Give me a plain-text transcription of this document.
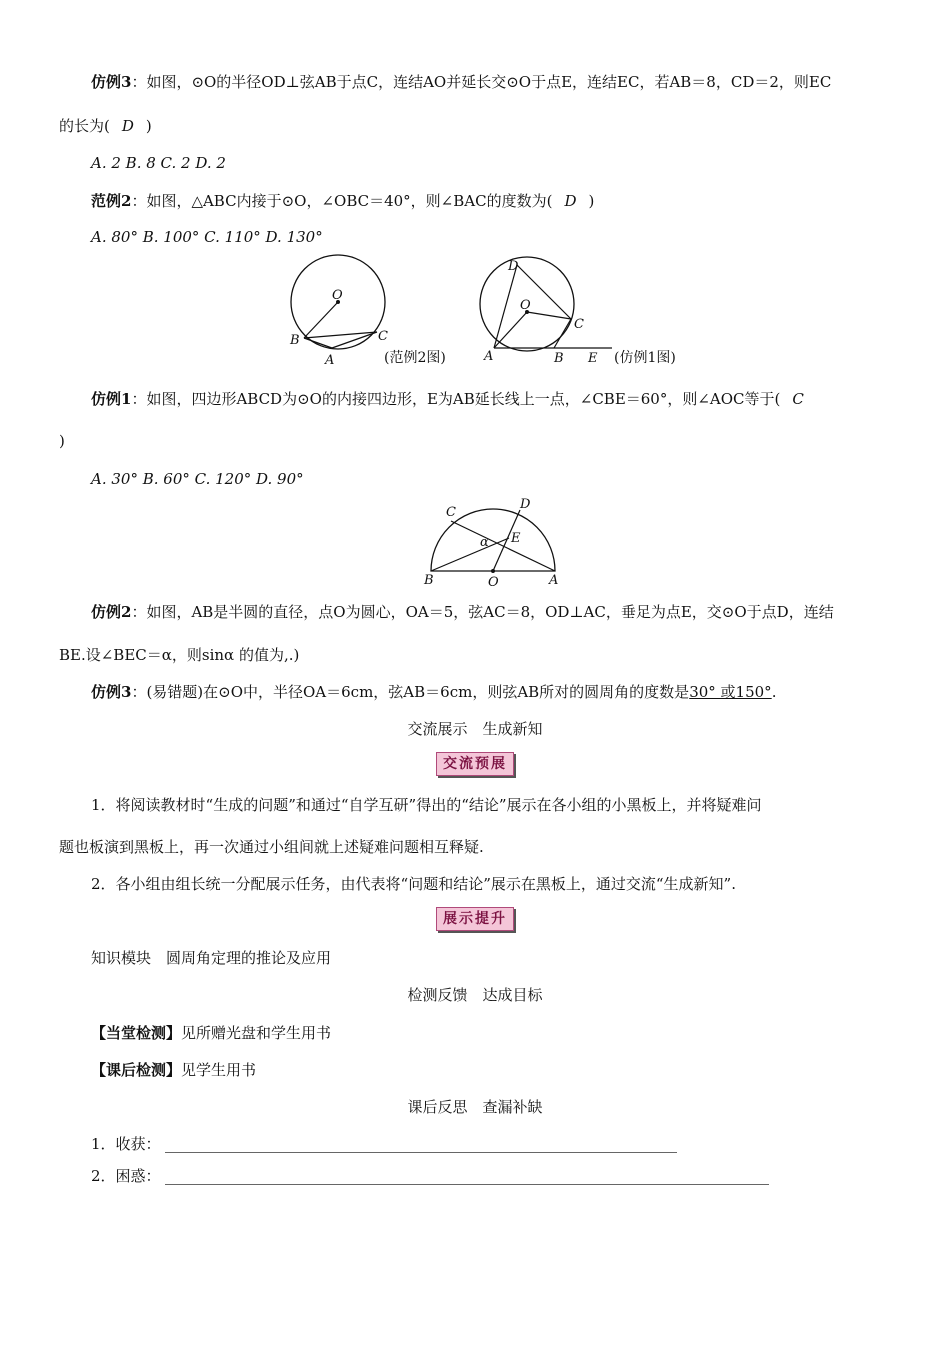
仿例3：如图，⊙O的半径OD⊥弦AB于点C，连结AO并延长交⊙O于点E，连结EC，若AB＝8，CD＝2，则EC
的长为( D )
A. 2 B. 8 C. 2 D. 2
范例2：如图，△ABC内接于⊙O，∠OBC＝40°，则∠BAC的度数为( D )
A. 80° B. 100° C. 110° D. 130°
O
B
A
C
(范例2图)
D
O
C
A	B E (仿例1图)
仿例1：如图，四边形ABCD为⊙O的内接四边形，E为AB延长线上一点，∠CBE＝60°，则∠AOC等于( C
)
A. 30° B. 60° C. 120° D. 90°
C
D
α E
B	O	A
仿例2：如图，AB是半圆的直径，点O为圆心，OA＝5，弦AC＝8，OD⊥AC，垂足为点E，交⊙O于点D，连结
BE.设∠BEC＝α，则sinα 的值为,.)
仿例3：(易错题)在⊙O中，半径OA＝6cm，弦AB＝6cm，则弦AB所对的圆周角的度数是30° 或150°.
交流展示　生成新知
交流预展
1．将阅读教材时“生成的问题”和通过“自学互研”得出的“结论”展示在各小组的小黑板上，并将疑难问
题也板演到黑板上，再一次通过小组间就上述疑难问题相互释疑.
2．各小组由组长统一分配展示任务，由代表将“问题和结论”展示在黑板上，通过交流“生成新知”.
展示提升
知识模块　圆周角定理的推论及应用
检测反馈　达成目标
【当堂检测】见所赠光盘和学生用书
【课后检测】见学生用书
课后反思　查漏补缺
1．收获：
2．困惑：
